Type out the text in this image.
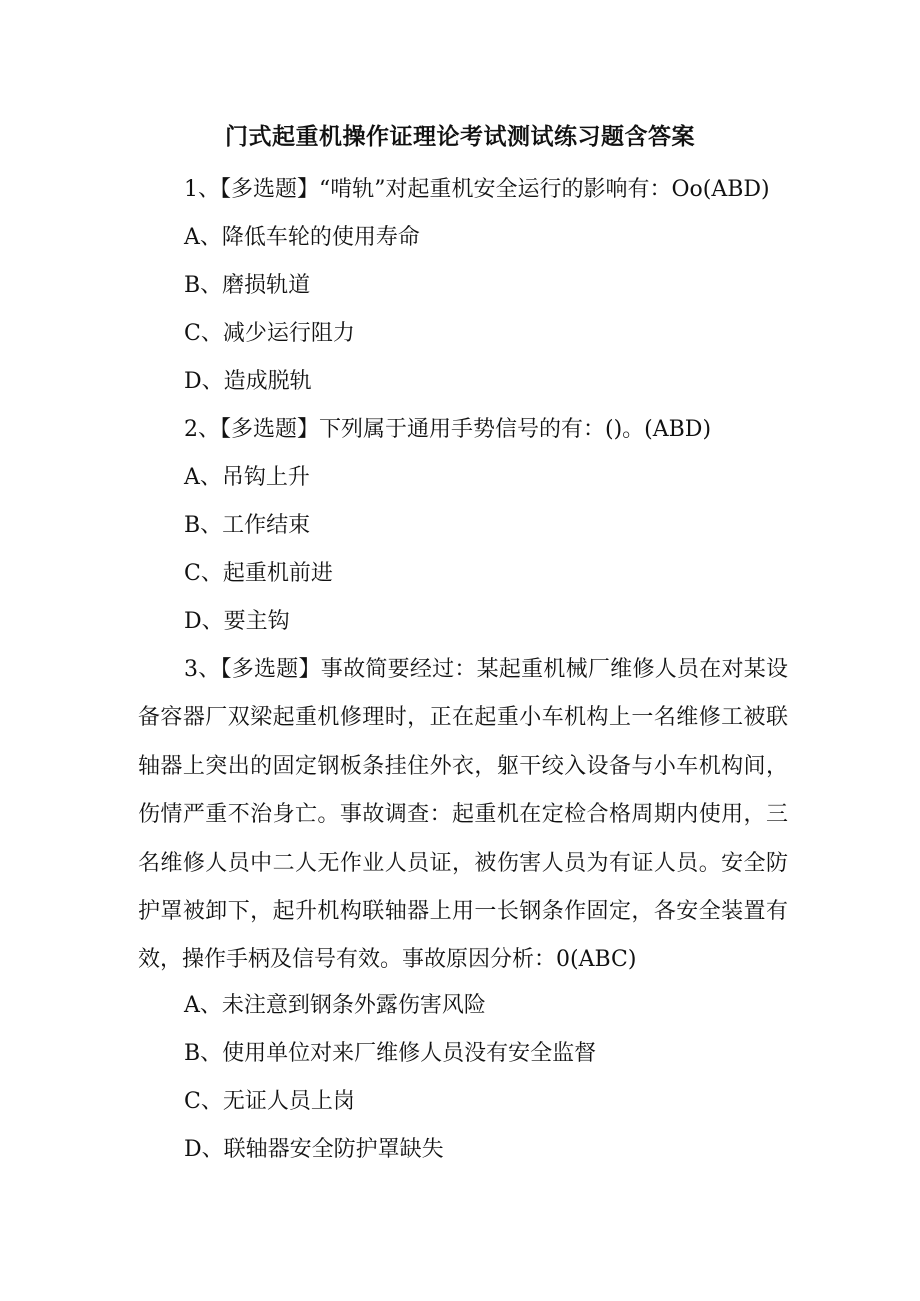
门式起重机操作证理论考试测试练习题含答案
1、【多选题】“啃轨”对起重机安全运行的影响有：Oo(ABD)
A、降低车轮的使用寿命
B、磨损轨道
C、减少运行阻力
D、造成脱轨
2、【多选题】下列属于通用手势信号的有：()。(ABD)
A、吊钩上升
B、工作结束
C、起重机前进
D、要主钩
3、【多选题】事故简要经过：某起重机械厂维修人员在对某设备容器厂双梁起重机修理时，正在起重小车机构上一名维修工被联轴器上突出的固定钢板条挂住外衣，躯干绞入设备与小车机构间，伤情严重不治身亡。事故调查：起重机在定检合格周期内使用，三名维修人员中二人无作业人员证，被伤害人员为有证人员。安全防护罩被卸下，起升机构联轴器上用一长钢条作固定，各安全装置有效，操作手柄及信号有效。事故原因分析：0(ABC)
A、未注意到钢条外露伤害风险
B、使用单位对来厂维修人员没有安全监督
C、无证人员上岗
D、联轴器安全防护罩缺失
